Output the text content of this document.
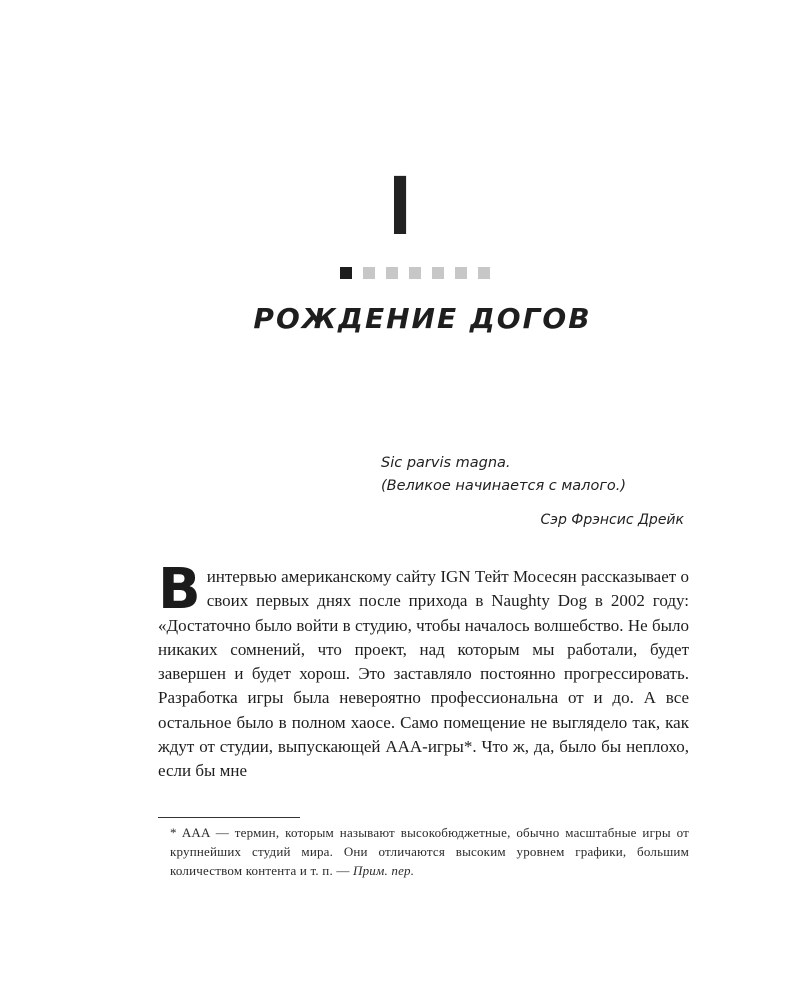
I
РОЖДЕНИЕ ДОГОВ
Sic parvis magna.
(Великое начинается с малого.)
Сэр Фрэнсис Дрейк

В интервью американскому сайту IGN Тейт Мосесян рассказывает о своих первых днях после прихода в Naughty Dog в 2002 году: «Достаточно было войти в студию, чтобы началось волшебство. Не было никаких сомнений, что проект, над которым мы работали, будет завершен и будет хорош. Это заставляло постоянно прогрессировать. Разработка игры была невероятно профессиональна от и до. А все остальное было в полном хаосе. Само помещение не выглядело так, как ждут от студии, выпускающей AAA-игры*. Что ж, да, было бы неплохо, если бы мне

* AAA — термин, которым называют высокобюджетные, обычно масштабные игры от крупнейших студий мира. Они отличаются высоким уровнем графики, большим количеством контента и т. п. — Прим. пер.
